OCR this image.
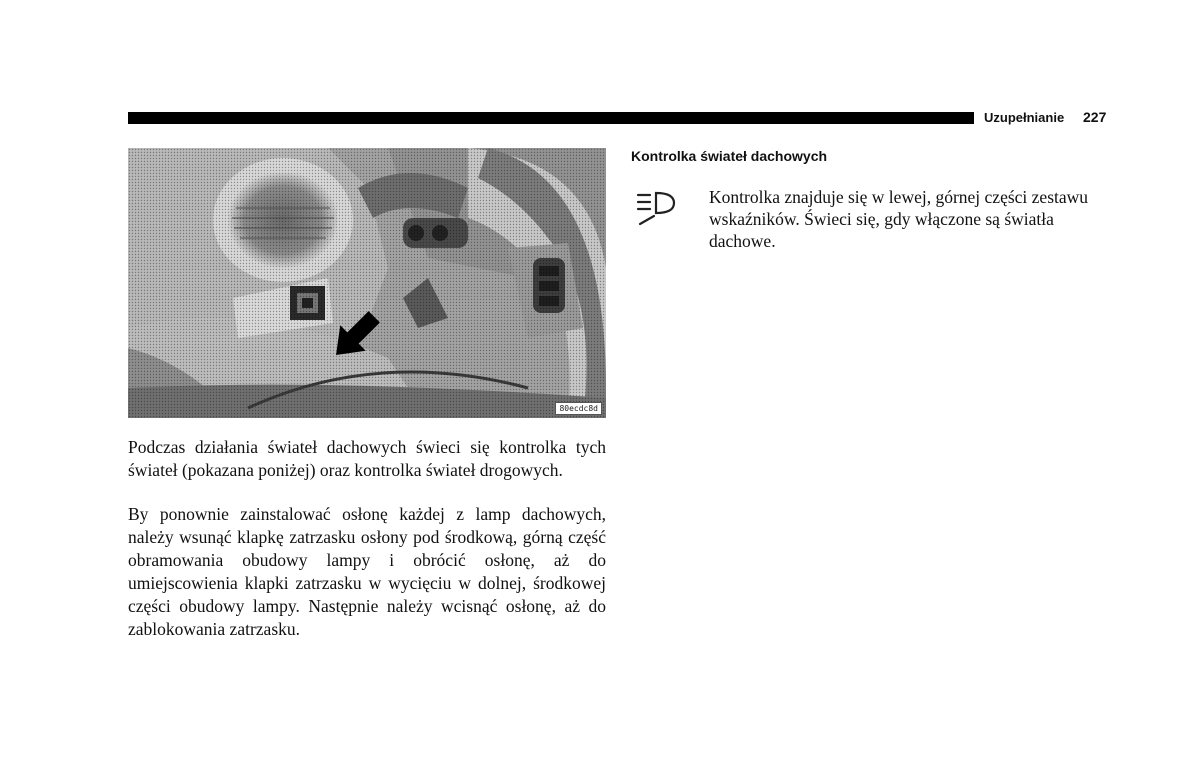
Uzupełnianie 227
80ecdc8d

Podczas działania świateł dachowych świeci się kontrolka tych świateł (pokazana poniżej) oraz kontrolka świateł drogowych.

By ponownie zainstalować osłonę każdej z lamp dachowych, należy wsunąć klapkę zatrzasku osłony pod środkową, górną część obramowania obudowy lampy i obrócić osłonę, aż do umiejscowienia klapki zatrzasku w wycięciu w dolnej, środkowej części obudowy lampy. Następnie należy wcisnąć osłonę, aż do zablokowania zatrzasku.

Kontrolka świateł dachowych

Kontrolka znajduje się w lewej, górnej części zestawu wskaźników. Świeci się, gdy włączone są światła dachowe.
